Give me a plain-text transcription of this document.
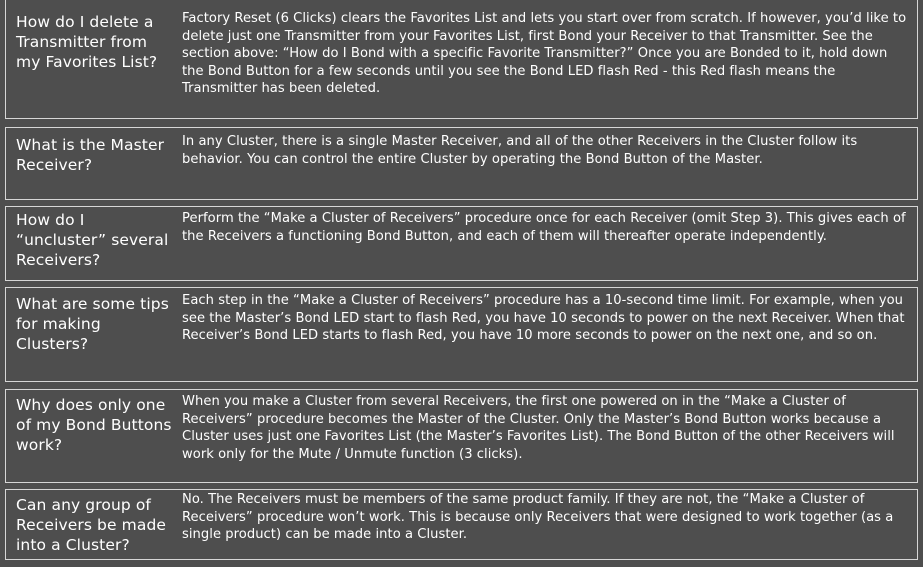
How do I delete a Transmitter from my Favorites List?
Factory Reset (6 Clicks) clears the Favorites List and lets you start over from scratch. If however, you’d like to delete just one Transmitter from your Favorites List, first Bond your Receiver to that Transmitter. See the section above: “How do I Bond with a specific Favorite Transmitter?” Once you are Bonded to it, hold down the Bond Button for a few seconds until you see the Bond LED flash Red - this Red flash means the Transmitter has been deleted.
What is the Master Receiver?
In any Cluster, there is a single Master Receiver, and all of the other Receivers in the Cluster follow its behavior. You can control the entire Cluster by operating the Bond Button of the Master.
How do I “uncluster” several Receivers?
Perform the “Make a Cluster of Receivers” procedure once for each Receiver (omit Step 3). This gives each of the Receivers a functioning Bond Button, and each of them will thereafter operate independently.
What are some tips for making Clusters?
Each step in the “Make a Cluster of Receivers” procedure has a 10-second time limit. For example, when you see the Master’s Bond LED start to flash Red, you have 10 seconds to power on the next Receiver. When that Receiver’s Bond LED starts to flash Red, you have 10 more seconds to power on the next one, and so on.
Why does only one of my Bond Buttons work?
When you make a Cluster from several Receivers, the first one powered on in the “Make a Cluster of Receivers” procedure becomes the Master of the Cluster. Only the Master’s Bond Button works because a Cluster uses just one Favorites List (the Master’s Favorites List). The Bond Button of the other Receivers will work only for the Mute / Unmute function (3 clicks).
Can any group of Receivers be made into a Cluster?
No. The Receivers must be members of the same product family. If they are not, the “Make a Cluster of Receivers” procedure won’t work. This is because only Receivers that were designed to work together (as a single product) can be made into a Cluster.
